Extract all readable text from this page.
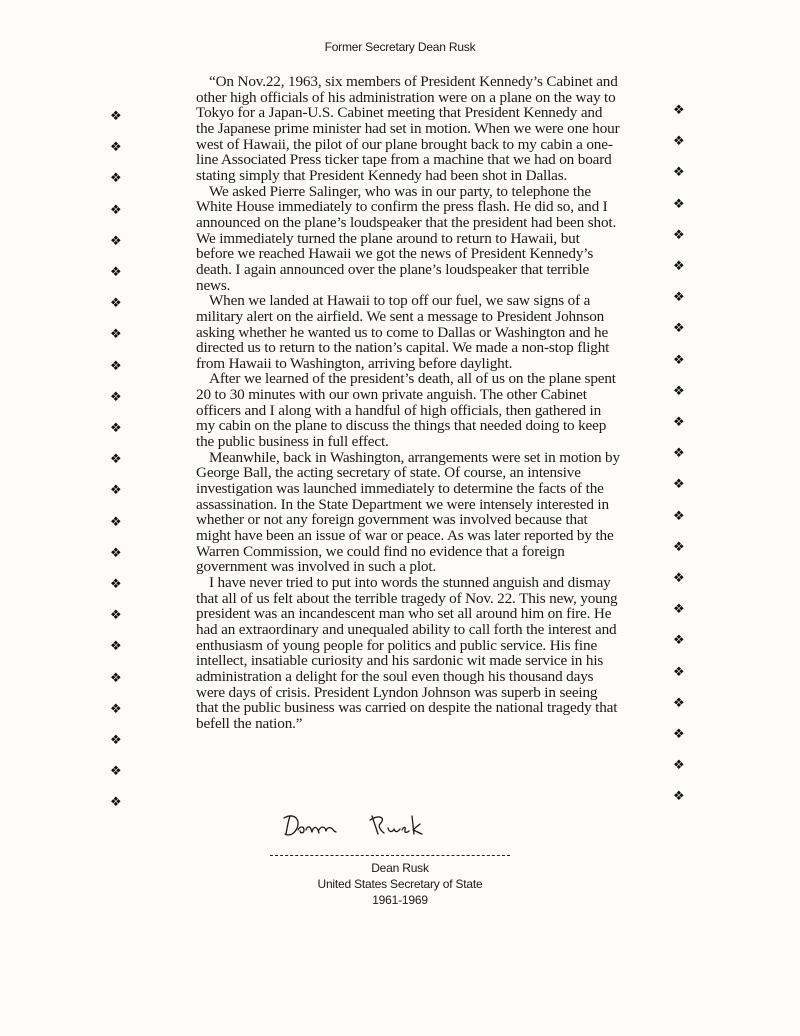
Former Secretary Dean Rusk

“On Nov.22, 1963, six members of President Kennedy’s Cabinet and other high officials of his administration were on a plane on the way to Tokyo for a Japan-U.S. Cabinet meeting that President Kennedy and the Japanese prime minister had set in motion. When we were one hour west of Hawaii, the pilot of our plane brought back to my cabin a one-line Associated Press ticker tape from a machine that we had on board stating simply that President Kennedy had been shot in Dallas.

We asked Pierre Salinger, who was in our party, to telephone the White House immediately to confirm the press flash. He did so, and I announced on the plane’s loudspeaker that the president had been shot. We immediately turned the plane around to return to Hawaii, but before we reached Hawaii we got the news of President Kennedy’s death. I again announced over the plane’s loudspeaker that terrible news.

When we landed at Hawaii to top off our fuel, we saw signs of a military alert on the airfield. We sent a message to President Johnson asking whether he wanted us to come to Dallas or Washington and he directed us to return to the nation’s capital. We made a non-stop flight from Hawaii to Washington, arriving before daylight.

After we learned of the president’s death, all of us on the plane spent 20 to 30 minutes with our own private anguish. The other Cabinet officers and I along with a handful of high officials, then gathered in my cabin on the plane to discuss the things that needed doing to keep the public business in full effect.

Meanwhile, back in Washington, arrangements were set in motion by George Ball, the acting secretary of state. Of course, an intensive investigation was launched immediately to determine the facts of the assassination. In the State Department we were intensely interested in whether or not any foreign government was involved because that might have been an issue of war or peace. As was later reported by the Warren Commission, we could find no evidence that a foreign government was involved in such a plot.

I have never tried to put into words the stunned anguish and dismay that all of us felt about the terrible tragedy of Nov. 22. This new, young president was an incandescent man who set all around him on fire. He had an extraordinary and unequaled ability to call forth the interest and enthusiasm of young people for politics and public service. His fine intellect, insatiable curiosity and his sardonic wit made service in his administration a delight for the soul even though his thousand days were days of crisis. President Lyndon Johnson was superb in seeing that the public business was carried on despite the national tragedy that befell the nation.”

❖
❖
❖
❖
❖
❖
❖
❖
❖
❖
❖
❖
❖
❖
❖
❖
❖
❖
❖
❖
❖
❖
❖
❖
❖
❖
❖
❖
❖
❖
❖
❖
❖
❖
❖
❖
❖
❖
❖
❖
❖
❖
❖
❖
❖
❖
Dean Rusk
United States Secretary of State
1961-1969
